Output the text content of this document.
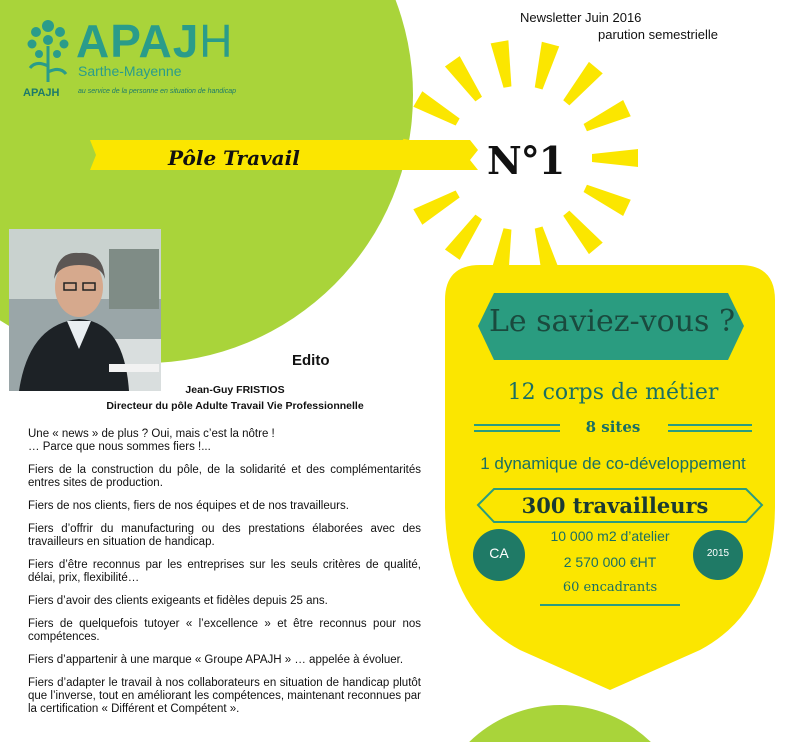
APAJH
Sarthe-Mayenne
APAJH	au service de la personne en situation de handicap
Newsletter Juin 2016
parution semestrielle
Pôle Travail	N°1
Edito
Jean-Guy FRISTIOS
Directeur du pôle Adulte Travail Vie Professionnelle

Une « news » de plus ? Oui, mais c’est la nôtre !

… Parce que nous sommes fiers !...

Fiers de la construction du pôle, de la solidarité et des complémentarités entres sites de production.

Fiers de nos clients, fiers de nos équipes et de nos travailleurs.

Fiers d’offrir du manufacturing ou des prestations élaborées avec des travailleurs en situation de handicap.

Fiers d’être reconnus par les entreprises sur les seuls critères de qualité, délai, prix, flexibilité…

Fiers d’avoir des clients exigeants et fidèles depuis 25 ans.

Fiers de quelquefois tutoyer « l’excellence » et être reconnus pour nos compétences.

Fiers d’appartenir à une marque « Groupe APAJH » … appelée à évoluer.

Fiers d’adapter le travail à nos collaborateurs en situation de handicap plutôt que l’inverse, tout en améliorant les compétences, maintenant reconnues par la certification « Différent et Compétent ».

Le saviez-vous ?
12 corps de métier
8 sites
1 dynamique de co-développement
300 travailleurs
10 000 m2 d’atelier
2 570 000 €HT
60 encadrants
CA	2015
